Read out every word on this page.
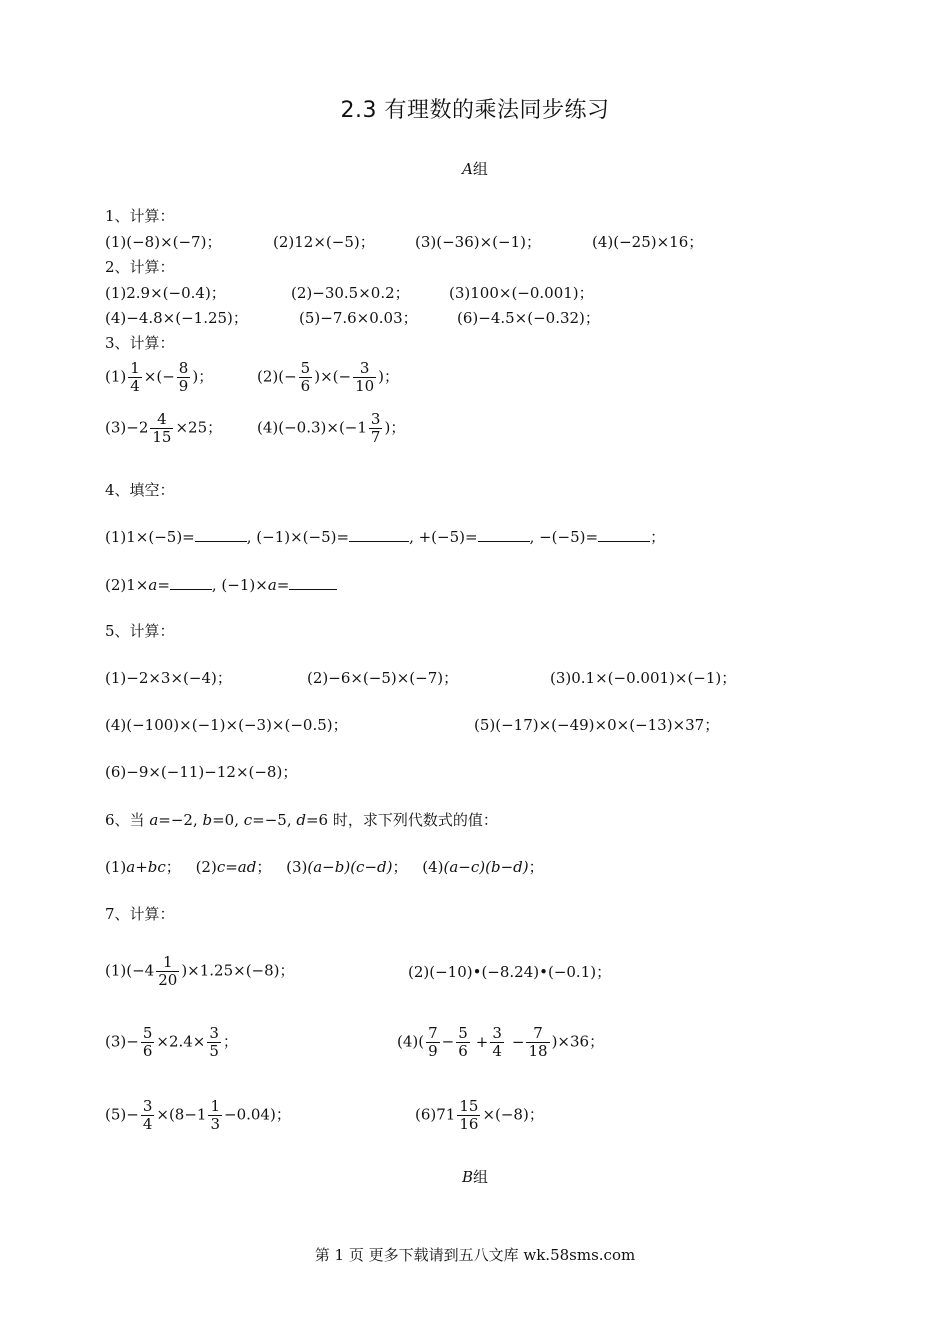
2.3 有理数的乘法同步练习
A组
1、计算：
(1)(−8)×(−7)；	(2)12×(−5)；	(3)(−36)×(−1)；	(4)(−25)×16；
2、计算：
(1)2.9×(−0.4)；	(2)−30.5×0.2；	(3)100×(−0.001)；
(4)−4.8×(−1.25)；	(5)−7.6×0.03；	(6)−4.5×(−0.32)；
3、计算：
$(1) \frac{1}{4}$ ×(− $\frac{8}{9}$ )；	$(2)(- \frac{5}{6}$ )×(− $\frac{3}{10}$ )；
$(3)-2 \frac{4}{15} \times 25$； $(4)(-0.3)\times(-1 \frac{3}{7}$ )；
4、填空：
(1)1×(−5)=	, (−1)×(−5)=	, +(−5)=	, −(−5)=	；
(2)1×a=	, (−1)×a=
5、计算：
(1)−2×3×(−4)；	(2)−6×(−5)×(−7)；	(3)0.1×(−0.001)×(−1)；
(4)(−100)×(−1)×(−3)×(−0.5)；	(5)(−17)×(−49)×0×(−13)×37；
(6)−9×(−11)−12×(−8)；
6、当 a=−2, b=0, c=−5, d=6 时，求下列代数式的值：
(1)a+bc； (2)c=ad； (3)(a−b)(c−d)； (4)(a−c)(b−d)；
7、计算：
$(1)(-4 \frac{1}{20} )\times 1.25\times(-8)$；	(2)(−10)•(−8.24)•(−0.1)；
$(3)- \frac{5}{6} \times 2.4\times \frac{3}{5}$ ；	$(4)( \frac{7}{9} - \frac{5}{6} + \frac{3}{4} - \frac{7}{18} )\times 36$；
$(5)- \frac{3}{4} \times(8-1 \frac{1}{3} -0.04)$；	$(6)71 \frac{15}{16} \times(-8)$；
B组
第 1 页 更多下载请到五八文库 wk.58sms.com
